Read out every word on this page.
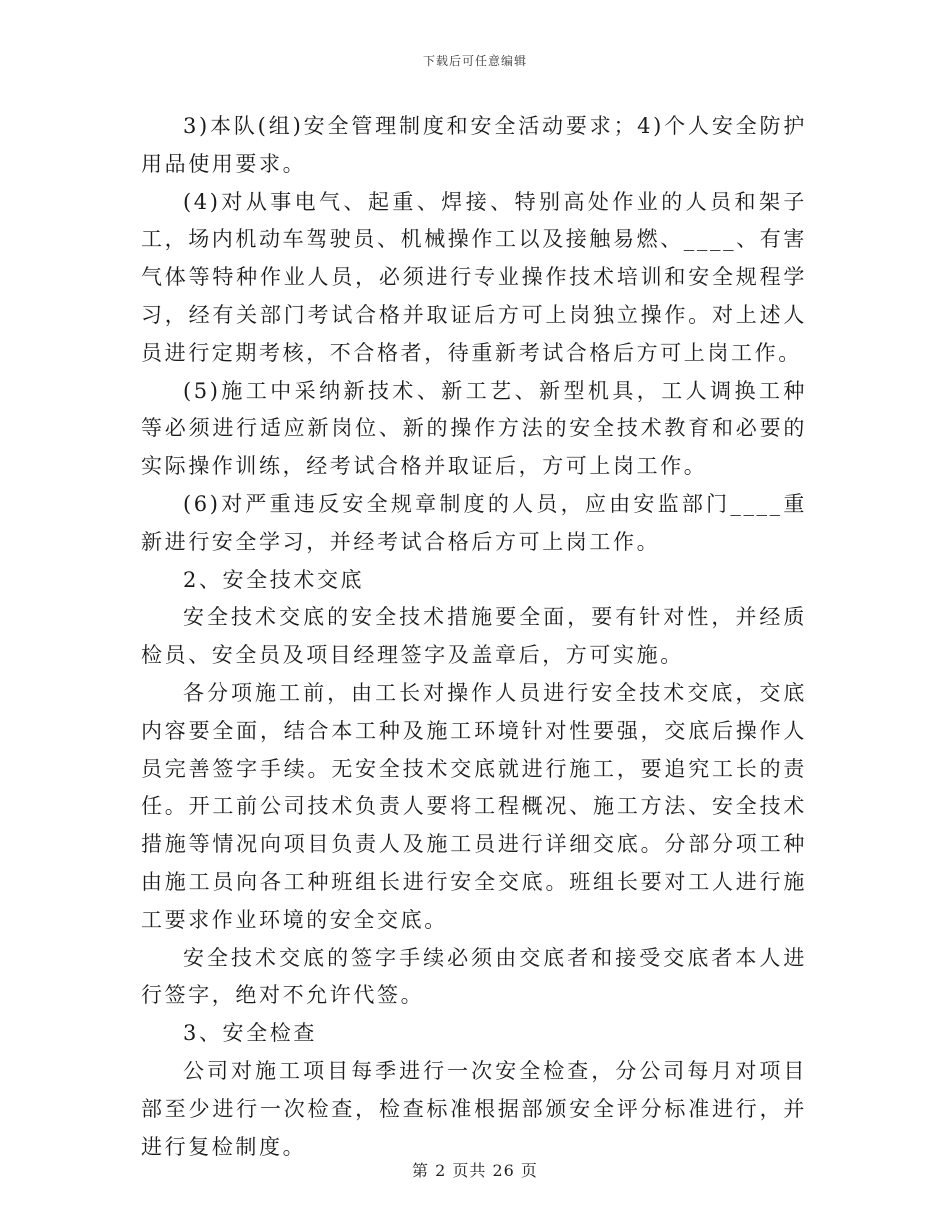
下载后可任意编辑

3)本队(组)安全管理制度和安全活动要求；4)个人安全防护用品使用要求。

(4)对从事电气、起重、焊接、特别高处作业的人员和架子工，场内机动车驾驶员、机械操作工以及接触易燃、____、有害气体等特种作业人员，必须进行专业操作技术培训和安全规程学习，经有关部门考试合格并取证后方可上岗独立操作。对上述人员进行定期考核，不合格者，待重新考试合格后方可上岗工作。

(5)施工中采纳新技术、新工艺、新型机具，工人调换工种等必须进行适应新岗位、新的操作方法的安全技术教育和必要的实际操作训练，经考试合格并取证后，方可上岗工作。

(6)对严重违反安全规章制度的人员，应由安监部门____重新进行安全学习，并经考试合格后方可上岗工作。

2、安全技术交底

安全技术交底的安全技术措施要全面，要有针对性，并经质检员、安全员及项目经理签字及盖章后，方可实施。

各分项施工前，由工长对操作人员进行安全技术交底，交底内容要全面，结合本工种及施工环境针对性要强，交底后操作人员完善签字手续。无安全技术交底就进行施工，要追究工长的责任。开工前公司技术负责人要将工程概况、施工方法、安全技术措施等情况向项目负责人及施工员进行详细交底。分部分项工种由施工员向各工种班组长进行安全交底。班组长要对工人进行施工要求作业环境的安全交底。

安全技术交底的签字手续必须由交底者和接受交底者本人进行签字，绝对不允许代签。

3、安全检查

公司对施工项目每季进行一次安全检查，分公司每月对项目部至少进行一次检查，检查标准根据部颁安全评分标准进行，并进行复检制度。

第 2 页共 26 页
